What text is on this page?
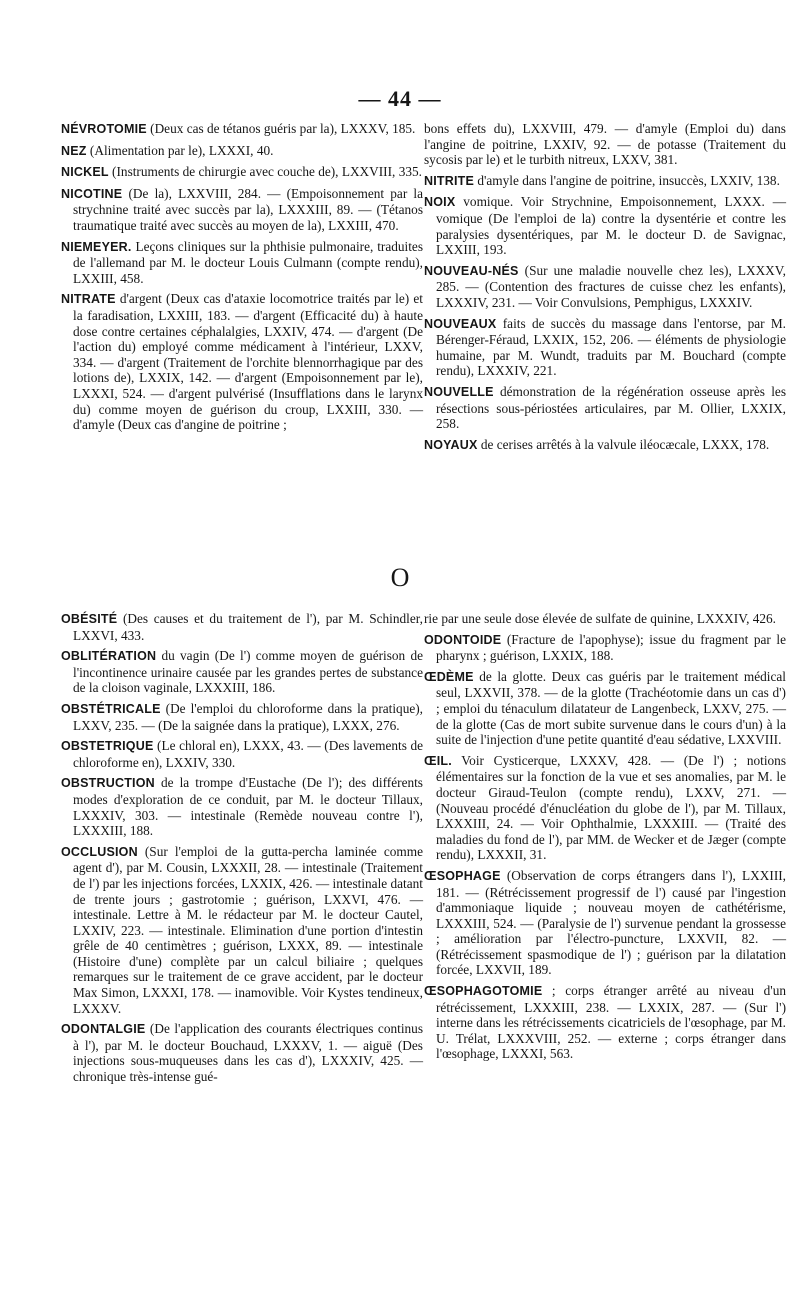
— 44 —

NÉVROTOMIE (Deux cas de tétanos guéris par la), LXXXV, 185.

NEZ (Alimentation par le), LXXXI, 40.

NICKEL (Instruments de chirurgie avec couche de), LXXVIII, 335.

NICOTINE (De la), LXXVIII, 284. — (Empoisonnement par la strychnine traité avec succès par la), LXXXIII, 89. — (Tétanos traumatique traité avec succès au moyen de la), LXXIII, 470.

NIEMEYER. Leçons cliniques sur la phthisie pulmonaire, traduites de l'allemand par M. le docteur Louis Culmann (compte rendu), LXXIII, 458.

NITRATE d'argent (Deux cas d'ataxie locomotrice traités par le) et la faradisation, LXXIII, 183. — d'argent (Efficacité du) à haute dose contre certaines céphalalgies, LXXIV, 474. — d'argent (De l'action du) employé comme médicament à l'intérieur, LXXV, 334. — d'argent (Traitement de l'orchite blennorrhagique par des lotions de), LXXIX, 142. — d'argent (Empoisonnement par le), LXXXI, 524. — d'argent pulvérisé (Insufflations dans le larynx du) comme moyen de guérison du croup, LXXIII, 330. — d'amyle (Deux cas d'angine de poitrine ;

bons effets du), LXXVIII, 479. — d'amyle (Emploi du) dans l'angine de poitrine, LXXIV, 92. — de potasse (Traitement du sycosis par le) et le turbith nitreux, LXXV, 381.

NITRITE d'amyle dans l'angine de poitrine, insuccès, LXXIV, 138.

NOIX vomique. Voir Strychnine, Empoisonnement, LXXX. — vomique (De l'emploi de la) contre la dysentérie et contre les paralysies dysentériques, par M. le docteur D. de Savignac, LXXIII, 193.

NOUVEAU-NÉS (Sur une maladie nouvelle chez les), LXXXV, 285. — (Contention des fractures de cuisse chez les enfants), LXXXIV, 231. — Voir Convulsions, Pemphigus, LXXXIV.

NOUVEAUX faits de succès du massage dans l'entorse, par M. Bérenger-Féraud, LXXIX, 152, 206. — éléments de physiologie humaine, par M. Wundt, traduits par M. Bouchard (compte rendu), LXXXIV, 221.

NOUVELLE démonstration de la régénération osseuse après les résections sous-périostées articulaires, par M. Ollier, LXXIX, 258.

NOYAUX de cerises arrêtés à la valvule iléocæcale, LXXX, 178.

O

OBÉSITÉ (Des causes et du traitement de l'), par M. Schindler, LXXVI, 433.

OBLITÉRATION du vagin (De l') comme moyen de guérison de l'incontinence urinaire causée par les grandes pertes de substance de la cloison vaginale, LXXXIII, 186.

OBSTÉTRICALE (De l'emploi du chloroforme dans la pratique), LXXV, 235. — (De la saignée dans la pratique), LXXX, 276.

OBSTETRIQUE (Le chloral en), LXXX, 43. — (Des lavements de chloroforme en), LXXIV, 330.

OBSTRUCTION de la trompe d'Eustache (De l'); des différents modes d'exploration de ce conduit, par M. le docteur Tillaux, LXXXIV, 303. — intestinale (Remède nouveau contre l'), LXXXIII, 188.

OCCLUSION (Sur l'emploi de la gutta-percha laminée comme agent d'), par M. Cousin, LXXXII, 28. — intestinale (Traitement de l') par les injections forcées, LXXIX, 426. — intestinale datant de trente jours ; gastrotomie ; guérison, LXXVI, 476. — intestinale. Lettre à M. le rédacteur par M. le docteur Cautel, LXXIV, 223. — intestinale. Elimination d'une portion d'intestin grêle de 40 centimètres ; guérison, LXXX, 89. — intestinale (Histoire d'une) complète par un calcul biliaire ; quelques remarques sur le traitement de ce grave accident, par le docteur Max Simon, LXXXI, 178. — inamovible. Voir Kystes tendineux, LXXXV.

ODONTALGIE (De l'application des courants électriques continus à l'), par M. le docteur Bouchaud, LXXXV, 1. — aiguë (Des injections sous-muqueuses dans les cas d'), LXXXIV, 425. — chronique très-intense gué-

rie par une seule dose élevée de sulfate de quinine, LXXXIV, 426.

ODONTOIDE (Fracture de l'apophyse); issue du fragment par le pharynx ; guérison, LXXIX, 188.

ŒDÈME de la glotte. Deux cas guéris par le traitement médical seul, LXXVII, 378. — de la glotte (Trachéotomie dans un cas d') ; emploi du ténaculum dilatateur de Langenbeck, LXXV, 275. — de la glotte (Cas de mort subite survenue dans le cours d'un) à la suite de l'injection d'une petite quantité d'eau sédative, LXXVIII.

ŒIL. Voir Cysticerque, LXXXV, 428. — (De l') ; notions élémentaires sur la fonction de la vue et ses anomalies, par M. le docteur Giraud-Teulon (compte rendu), LXXV, 271. — (Nouveau procédé d'énucléation du globe de l'), par M. Tillaux, LXXXIII, 24. — Voir Ophthalmie, LXXXIII. — (Traité des maladies du fond de l'), par MM. de Wecker et de Jæger (compte rendu), LXXXII, 31.

ŒSOPHAGE (Observation de corps étrangers dans l'), LXXIII, 181. — (Rétrécissement progressif de l') causé par l'ingestion d'ammoniaque liquide ; nouveau moyen de cathétérisme, LXXXIII, 524. — (Paralysie de l') survenue pendant la grossesse ; amélioration par l'électro-puncture, LXXVII, 82. — (Rétrécissement spasmodique de l') ; guérison par la dilatation forcée, LXXVII, 189.

ŒSOPHAGOTOMIE ; corps étranger arrêté au niveau d'un rétrécissement, LXXXIII, 238. — LXXIX, 287. — (Sur l') interne dans les rétrécissements cicatriciels de l'œsophage, par M. U. Trélat, LXXXVIII, 252. — externe ; corps étranger dans l'œsophage, LXXXI, 563.
